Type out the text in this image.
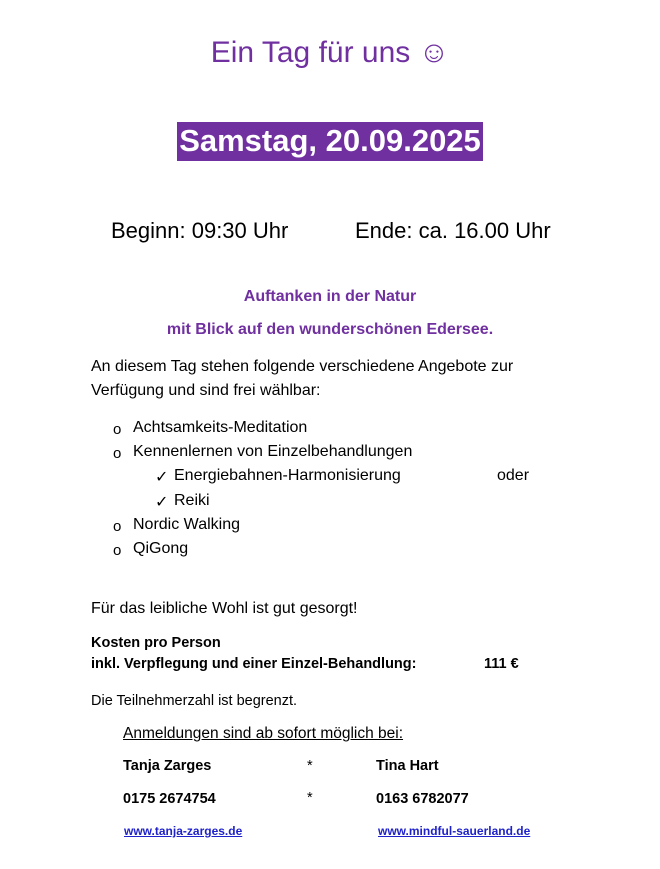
Ein Tag für uns ☺
Samstag, 20.09.2025
Beginn: 09:30 Uhr	Ende: ca. 16.00 Uhr
Auftanken in der Natur
mit Blick auf den wunderschönen Edersee.
An diesem Tag stehen folgende verschiedene Angebote zur
Verfügung und sind frei wählbar:
o Achtsamkeits-Meditation
o Kennenlernen von Einzelbehandlungen
✓ Energiebahnen-Harmonisierung	oder
✓ Reiki
o Nordic Walking
o QiGong
Für das leibliche Wohl ist gut gesorgt!
Kosten pro Person
inkl. Verpflegung und einer Einzel-Behandlung:	111 €
Die Teilnehmerzahl ist begrenzt.
Anmeldungen sind ab sofort möglich bei:
Tanja Zarges	*	Tina Hart
0175 2674754	*	0163 6782077
www.tanja-zarges.de	www.mindful-sauerland.de
